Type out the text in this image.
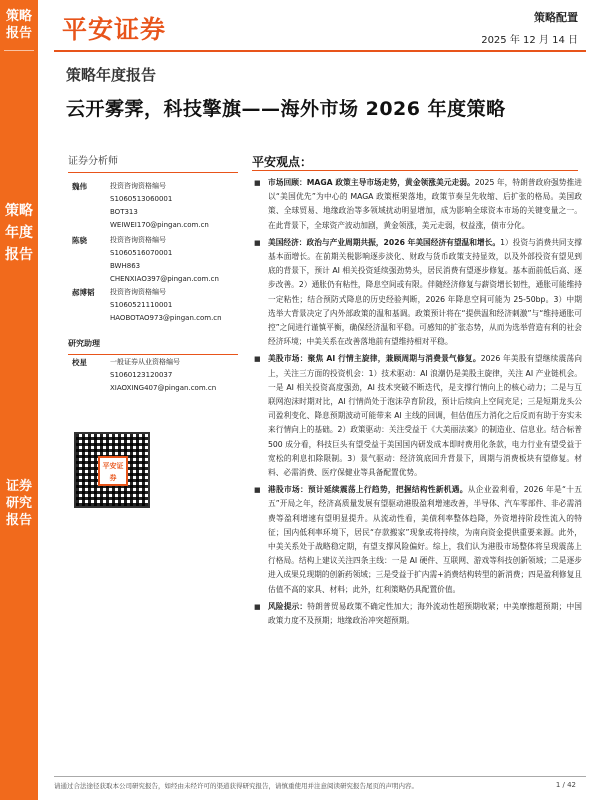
策略
报告
策略
年度
报告
证券
研究
报告
平安证券	策略配置
2025 年 12 月 14 日
策略年度报告
云开雾霁，科技擎旗——海外市场 2026 年度策略
证券分析师
魏伟	投资咨询资格编号
S1060513060001
BOT313
WEIWEI170@pingan.com.cn
陈骁	投资咨询资格编号
S1060516070001
BWH863
CHENXIAO397@pingan.com.cn
郝博韬 投资咨询资格编号
S1060521110001
HAOBOTAO973@pingan.com.cn
研究助理
校星	一般证券从业资格编号
S1060123120037
XIAOXING407@pingan.com.cn
平安证券
平安观点：
■ 市场回顾：MAGA 政策主导市场走势，黄金领涨美元走弱。2025 年，特朗普政府强势推进以“美国优先”为中心的 MAGA 政策框架落地，政策节奏呈先收缩、后扩张的格局。美国政策、全球贸易、地缘政治等多领域扰动明显增加，成为影响全球资本市场的关键变量之一。在此背景下，全球资产波动加剧，黄金领涨，美元走弱，权益涨，债市分化。
■ 美国经济：政治与产业周期共振，2026 年美国经济有望温和增长。1）投资与消费共同支撑基本面增长。在前期关税影响逐步淡化、财政与货币政策支持显效，以及外部投资有望见到底的背景下，预计 AI 相关投资延续强劲势头，居民消费有望逐步修复。基本面前低后高、逐步改善。2）通胀仍有粘性，降息空间或有限。伴随经济修复与薪资增长韧性，通胀可能维持一定粘性；结合预防式降息的历史经验判断，2026 年降息空间可能为 25-50bp。3）中期选举大背景决定了内外部政策的温和基调。政策预计将在“提供温和经济刺激”与“维持通胀可控”之间进行谨慎平衡，确保经济温和平稳。可感知的扩张态势，从而为选举营造有利的社会经济环境；中美关系在改善落地前有望维持相对平稳。
■ 美股市场：聚焦 AI 行情主旋律，兼顾周期与消费景气修复。2026 年美股有望继续震荡向上，关注三方面的投资机会：1）技术驱动：AI 浪潮仍是美股主旋律，关注 AI 产业链机会。一是 AI 相关投资高度强劲，AI 技术突破不断迭代，是支撑行情向上的核心动力；二是与互联网泡沫时期对比，AI 行情尚处于泡沫孕育阶段，预计后续向上空间充足；三是短期龙头公司盈利变化、降息预期波动可能带来 AI 主线的回调，但估值压力消化之后反而有助于夯实未来行情向上的基础。2）政策驱动：关注受益于《大美丽法案》的制造业、信息业。结合标普 500 成分看，科技巨头有望受益于美国国内研发成本即时费用化条款，电力行业有望受益于宽松的利息扣除限制。3）景气驱动：经济筑底回升背景下，周期与消费板块有望修复。材料、必需消费、医疗保健业等具备配置优势。
■ 港股市场：预计延续震荡上行趋势，把握结构性新机遇。从企业盈利看，2026 年是“十五五”开局之年，经济高质量发展有望驱动港股盈利增速改善，半导体、汽车零部件、非必需消费等盈利增速有望明显提升。从流动性看，美债利率整体趋降，外资增持阶段性流入的特征；国内低利率环境下，居民“存款搬家”现象或将持续，为南向资金提供重要来源。此外，中美关系处于战略稳定期，有望支撑风险偏好。综上，我们认为港股市场整体将呈现震荡上行格局。结构上建议关注四条主线：一是 AI 硬件、互联网、游戏等科技创新领域；二是逐步进入成果兑现期的创新药领域；三是受益于扩内需+消费结构转型的新消费；四是盈利修复且估值不高的家具、材料；此外，红利策略仍具配置价值。
■ 风险提示：特朗普贸易政策不确定性加大；海外流动性超预期收紧；中美摩擦超预期；中国政策力度不及预期；地缘政治冲突超预期。
请通过合法途径获取本公司研究报告，如经由未经许可的渠道获得研究报告，请慎重使用并注意阅读研究报告尾页的声明内容。	1 / 42
